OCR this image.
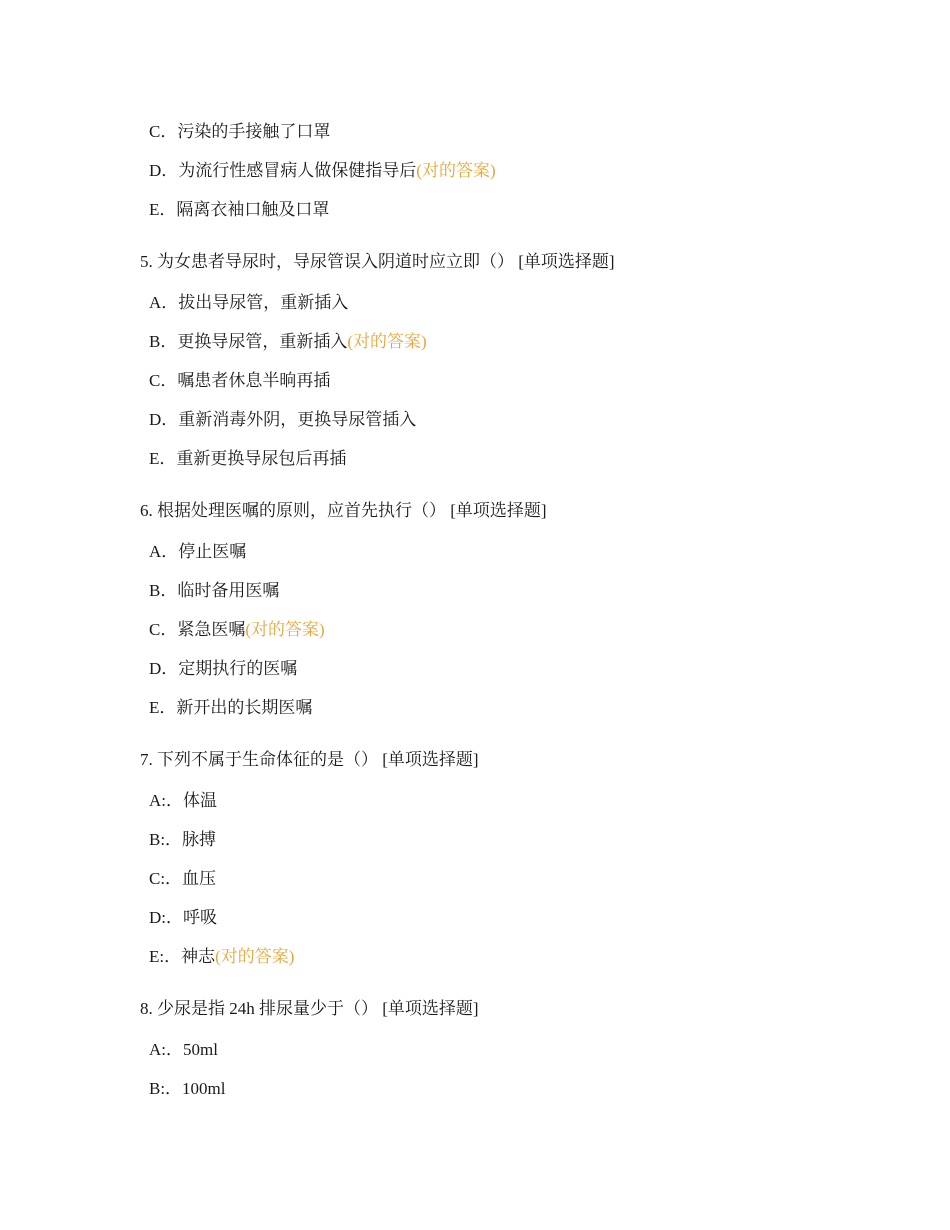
C．污染的手接触了口罩
D．为流行性感冒病人做保健指导后(对的答案)
E．隔离衣袖口触及口罩
5. 为女患者导尿时，导尿管误入阴道时应立即（） [单项选择题]
A．拔出导尿管，重新插入
B．更换导尿管，重新插入(对的答案)
C．嘱患者休息半晌再插
D．重新消毒外阴，更换导尿管插入
E．重新更换导尿包后再插
6. 根据处理医嘱的原则，应首先执行（） [单项选择题]
A．停止医嘱
B．临时备用医嘱
C．紧急医嘱(对的答案)
D．定期执行的医嘱
E．新开出的长期医嘱
7. 下列不属于生命体征的是（） [单项选择题]
A:．体温
B:．脉搏
C:．血压
D:．呼吸
E:．神志(对的答案)
8. 少尿是指 24h 排尿量少于（） [单项选择题]
A:．50ml
B:．100ml
